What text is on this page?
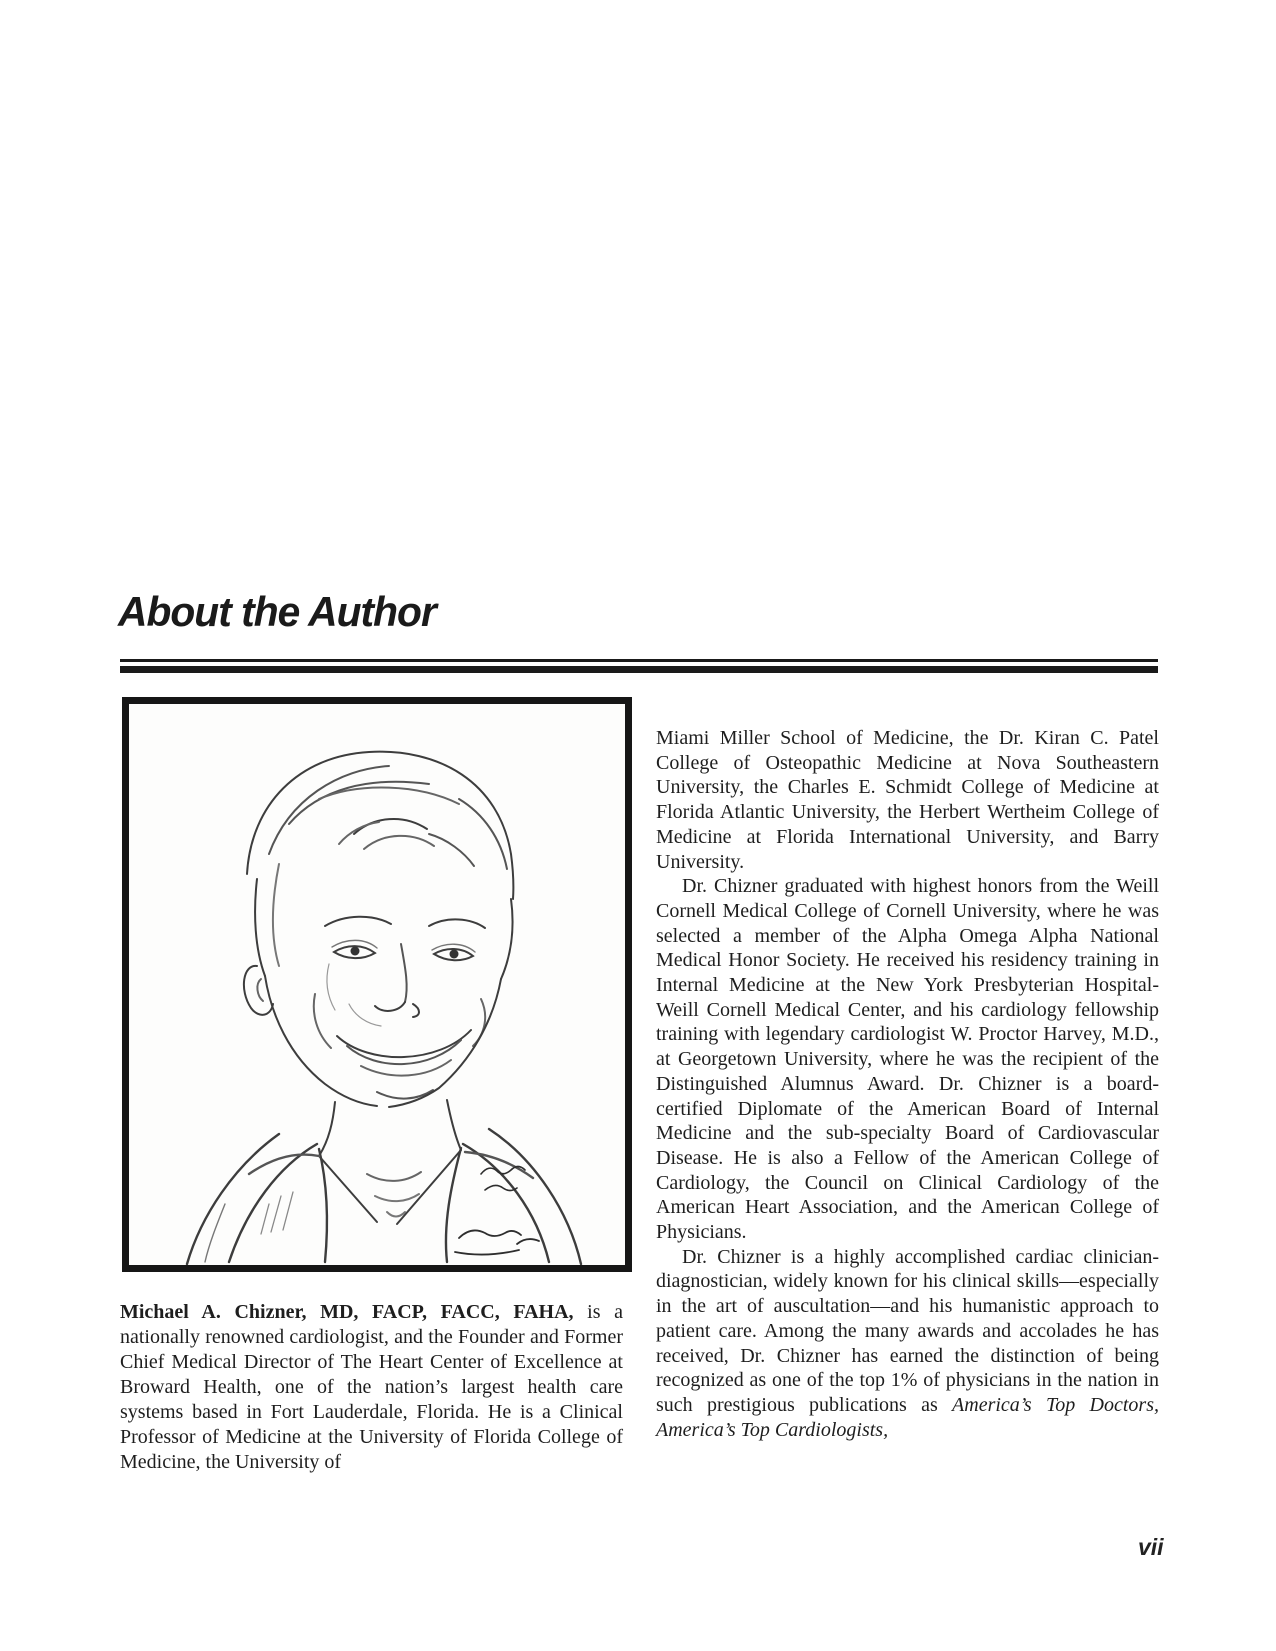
About the Author

Michael A. Chizner, MD, FACP, FACC, FAHA, is a nationally renowned cardiologist, and the Founder and Former Chief Medical Director of The Heart Center of Excellence at Broward Health, one of the nation’s largest health care systems based in Fort Lauderdale, Florida. He is a Clinical Professor of Medicine at the University of Florida College of Medicine, the University of

Miami Miller School of Medicine, the Dr. Kiran C. Patel College of Osteopathic Medicine at Nova Southeastern University, the Charles E. Schmidt College of Medicine at Florida Atlantic University, the Herbert Wertheim College of Medicine at Florida International University, and Barry University.

Dr. Chizner graduated with highest honors from the Weill Cornell Medical College of Cornell University, where he was selected a member of the Alpha Omega Alpha National Medical Honor Society. He received his residency training in Internal Medicine at the New York Presbyterian Hospital-Weill Cornell Medical Center, and his cardiology fellowship training with legendary cardiologist W. Proctor Harvey, M.D., at Georgetown University, where he was the recipient of the Distinguished Alumnus Award. Dr. Chizner is a board-certified Diplomate of the American Board of Internal Medicine and the sub-specialty Board of Cardiovascular Disease. He is also a Fellow of the American College of Cardiology, the Council on Clinical Cardiology of the American Heart Association, and the American College of Physicians.

Dr. Chizner is a highly accomplished cardiac clinician-diagnostician, widely known for his clinical skills—especially in the art of auscultation—and his humanistic approach to patient care. Among the many awards and accolades he has received, Dr. Chizner has earned the distinction of being recognized as one of the top 1% of physicians in the nation in such prestigious publications as America’s Top Doctors, America’s Top Cardiologists,

vii
